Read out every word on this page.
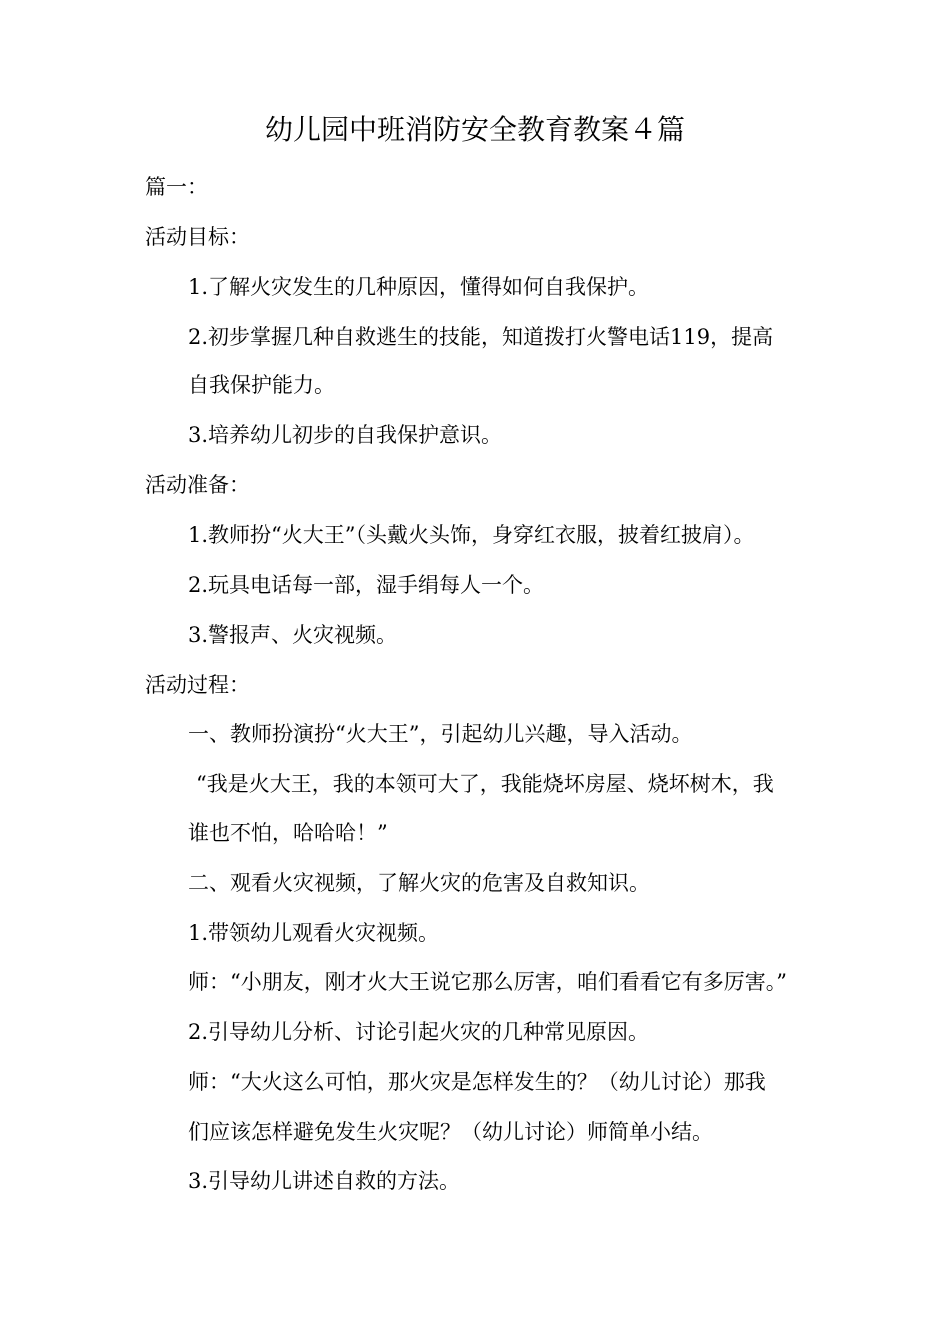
幼儿园中班消防安全教育教案４篇
篇一：
活动目标：
1.了解火灾发生的几种原因，懂得如何自我保护。
2.初步掌握几种自救逃生的技能，知道拨打火警电话119，提高
自我保护能力。
3.培养幼儿初步的自我保护意识。
活动准备：
1.教师扮“火大王”（头戴火头饰，身穿红衣服，披着红披肩）。
2.玩具电话每一部，湿手绢每人一个。
3.警报声、火灾视频。
活动过程：
一、教师扮演扮“火大王”，引起幼儿兴趣，导入活动。
“我是火大王，我的本领可大了，我能烧坏房屋、烧坏树木，我
谁也不怕，哈哈哈！”
二、观看火灾视频，了解火灾的危害及自救知识。
1.带领幼儿观看火灾视频。
师：“小朋友，刚才火大王说它那么厉害，咱们看看它有多厉害。”
2.引导幼儿分析、讨论引起火灾的几种常见原因。
师：“大火这么可怕，那火灾是怎样发生的？（幼儿讨论）那我
们应该怎样避免发生火灾呢？（幼儿讨论）师简单小结。
3.引导幼儿讲述自救的方法。
